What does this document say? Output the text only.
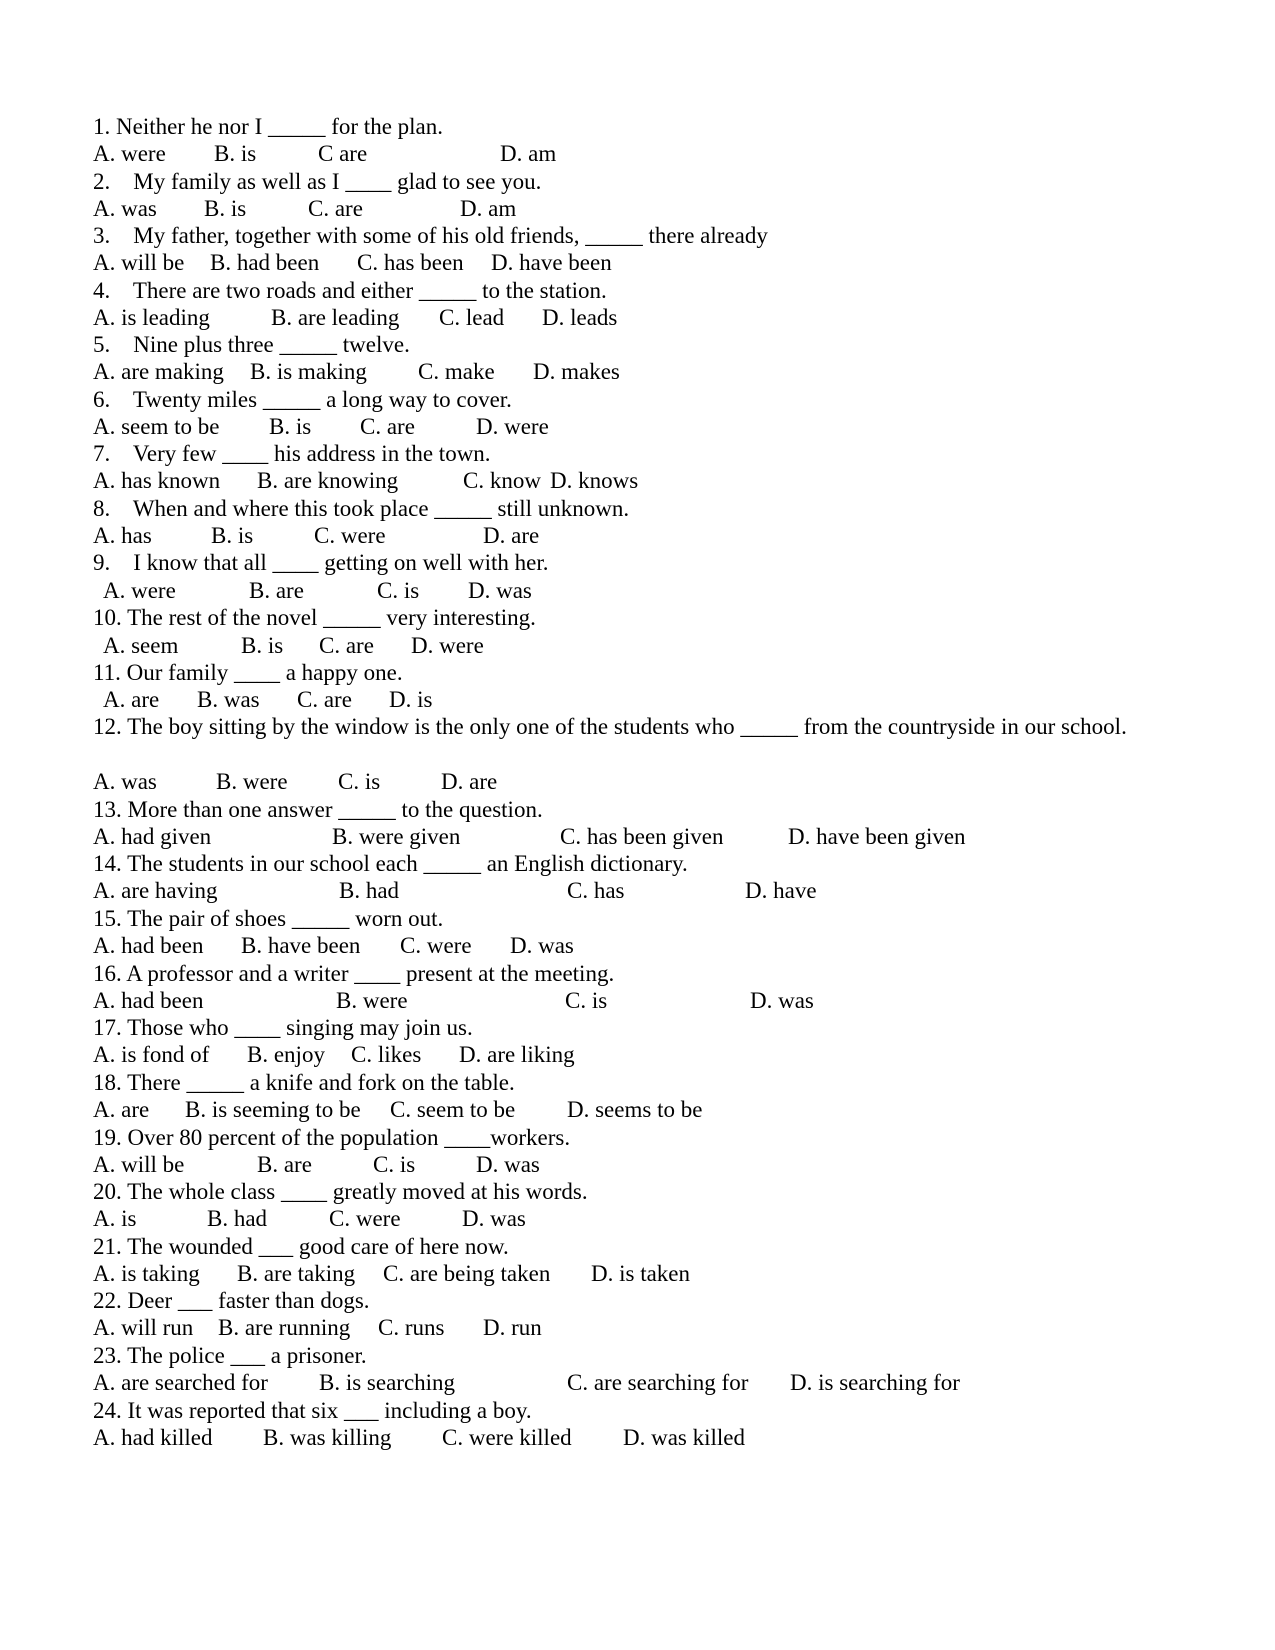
1. Neither he nor I _____ for the plan.

A. were

B. is

	C are

	D. am

2.    My family as well as I ____ glad to see you.

A. was

B. is

	C. are

	D. am

3.    My father, together with some of his old friends, _____ there already

A. will be

B. had been

C. has been

D. have been

4.    There are two roads and either _____ to the station.

A. is leading

	B. are leading

C. lead

D. leads

5.    Nine plus three _____ twelve.

A. are making

B. is making

C. make

D. makes

6.    Twenty miles _____ a long way to cover.

A. seem to be

B. is

C. are

	D. were

7.    Very few ____ his address in the town.

A. has known

B. are knowing

	C. know

D. knows

8.    When and where this took place _____ still unknown.

A. has

	B. is

	C. were

	D. are

9.    I know that all ____ getting on well with her.

A. were

	B. are

	C. is

D. was

10. The rest of the novel _____ very interesting.

A. seem

	B. is

C. are

D. were

11. Our family ____ a happy one.

A. are

B. was

C. are

D. is

12. The boy sitting by the window is the only one of the students who _____ from the countryside in our school.

A. was

	B. were

C. is

	D. are

13. More than one answer _____ to the question.

A. had given

	B. were given

	C. has been given

	D. have been given

14. The students in our school each _____ an English dictionary.

A. are having

	B. had

	C. has

	D. have

15. The pair of shoes _____ worn out.

A. had been

B. have been

C. were

D. was

16. A professor and a writer ____ present at the meeting.

A. had been

	B. were

	C. is

	D. was

17. Those who ____ singing may join us.

A. is fond of

B. enjoy

C. likes

D. are liking

18. There _____ a knife and fork on the table.

A. are

B. is seeming to be

C. seem to be

D. seems to be

19. Over 80 percent of the population ____workers.

A. will be

	B. are

	C. is

	D. was

20. The whole class ____ greatly moved at his words.

A. is

	B. had

	C. were

	D. was

21. The wounded ___ good care of here now.

A. is taking

B. are taking

C. are being taken

D. is taken

22. Deer ___ faster than dogs.

A. will run

B. are running

C. runs

D. run

23. The police ___ a prisoner.

A. are searched for

B. is searching

	C. are searching for

D. is searching for

24. It was reported that six ___ including a boy.

A. had killed

B. was killing

C. were killed

D. was killed
